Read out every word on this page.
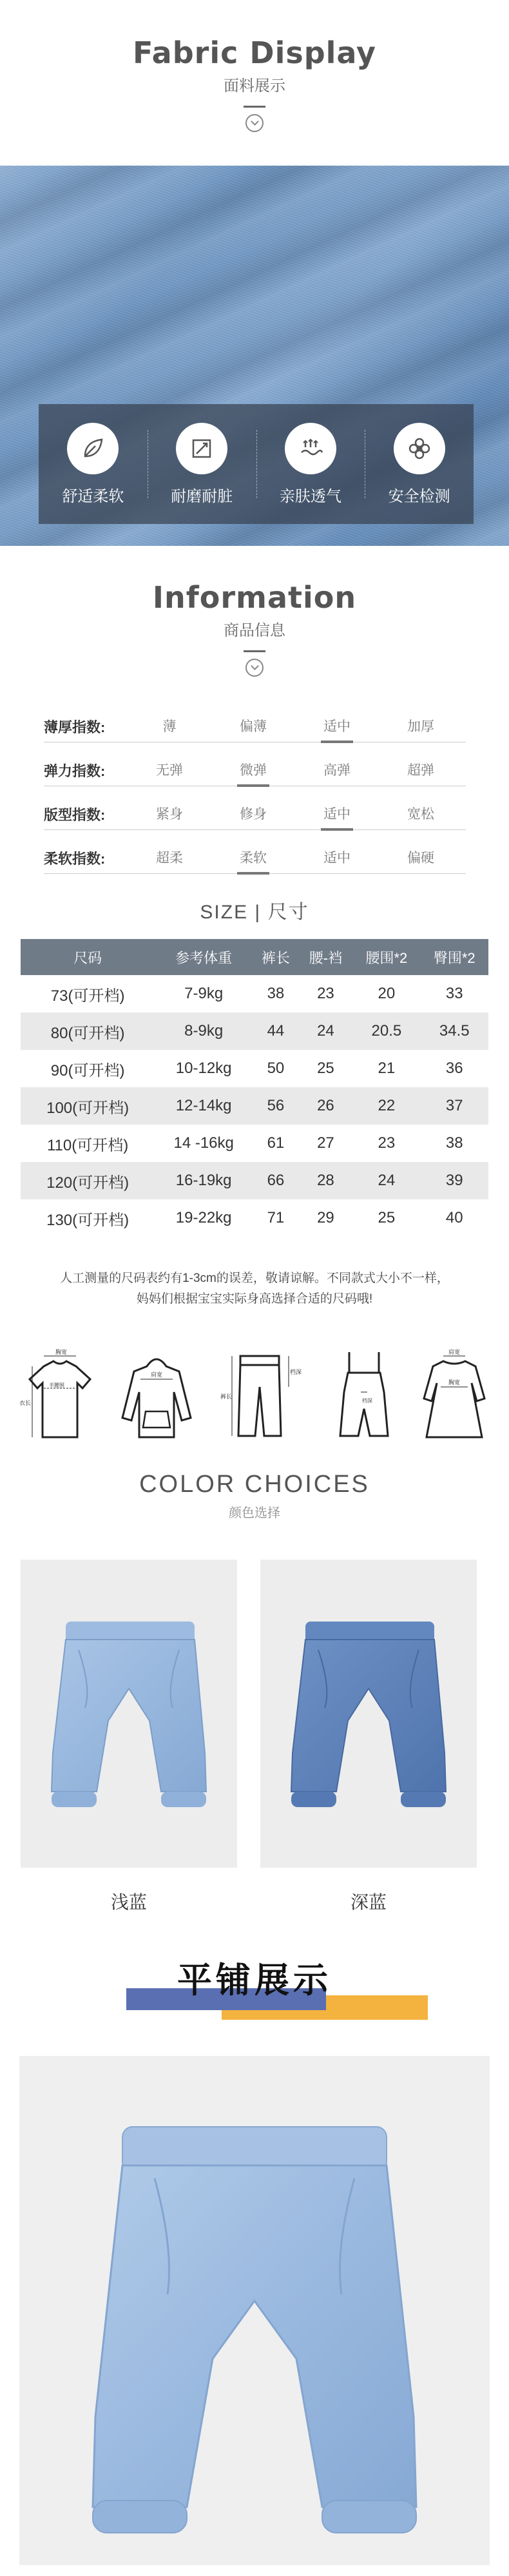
Fabric Display
面料展示
舒适柔软	耐磨耐脏	亲肤透气	安全检测
Information
商品信息
薄厚指数:	薄	偏薄	适中	加厚
弹力指数:	无弹	微弹	高弹	超弹
版型指数:	紧身	修身	适中	宽松
柔软指数:	超柔	柔软	适中	偏硬
SIZE | 尺寸
尺码	参考体重	裤长	腰-裆	腰围*2	臀围*2
73(可开档)	7-9kg	38	23	20	33
80(可开档)	8-9kg	44	24	20.5	34.5
90(可开档)	10-12kg	50	25	21	36
100(可开档)	12-14kg	56	26	22	37
110(可开档)	14 -16kg	61	27	23	38
120(可开档)	16-19kg	66	28	24	39
130(可开档)	19-22kg	71	29	25	40
人工测量的尺码表约有1-3cm的误差，敬请谅解。不同款式大小不一样，
妈妈们根据宝宝实际身高选择合适的尺码哦!
胸宽
衣长
半腰围
肩宽
裤长
档深
档深
肩宽
胸宽
COLOR CHOICES
颜色选择
浅蓝	深蓝
平铺展示
